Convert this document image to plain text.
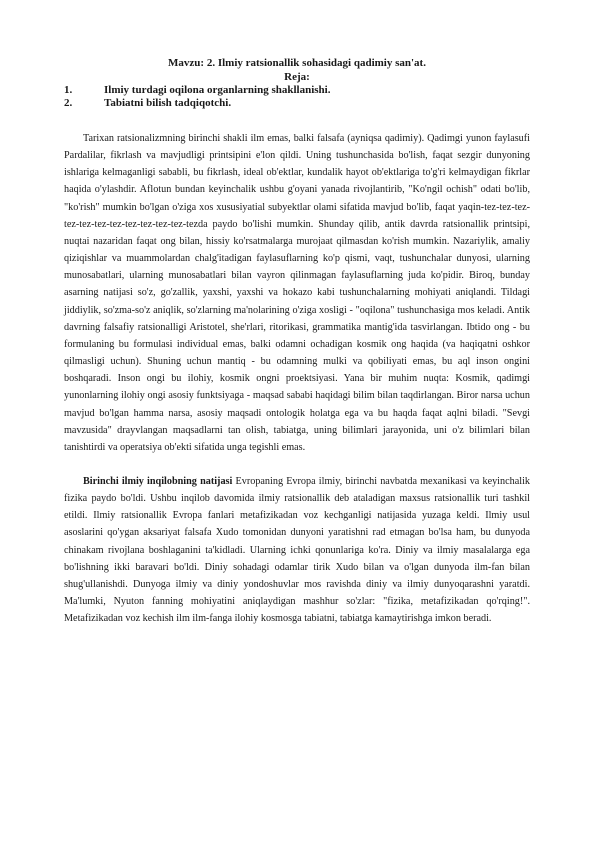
Mavzu: 2. Ilmiy ratsionallik sohasidagi qadimiy san'at.

Reja:

1.	Ilmiy turdagi oqilona organlarning shakllanishi.
2.	Tabiatni bilish tadqiqotchi.

Tarixan ratsionalizmning birinchi shakli ilm emas, balki falsafa (ayniqsa qadimiy). Qadimgi yunon faylasufi Pardalilar, fikrlash va mavjudligi printsipini e'lon qildi. Uning tushunchasida bo'lish, faqat sezgir dunyoning ishlariga kelmaganligi sababli, bu fikrlash, ideal ob'ektlar, kundalik hayot ob'ektlariga to'g'ri kelmaydigan fikrlar haqida o'ylashdir. Aflotun bundan keyinchalik ushbu g'oyani yanada rivojlantirib, "Ko'ngil ochish" odati bo'lib, "ko'rish" mumkin bo'lgan o'ziga xos xususiyatial subyektlar olami sifatida mavjud bo'lib, faqat yaqin-tez-tez-tez-tez-tez-tez-tez-tez-tez-tez-tez-tezda paydo bo'lishi mumkin. Shunday qilib, antik davrda ratsionallik printsipi, nuqtai nazaridan faqat ong bilan, hissiy ko'rsatmalarga murojaat qilmasdan ko'rish mumkin. Nazariylik, amaliy qiziqishlar va muammolardan chalg'itadigan faylasuflarning ko'p qismi, vaqt, tushunchalar dunyosi, ularning munosabatlari, ularning munosabatlari bilan vayron qilinmagan faylasuflarning juda ko'pidir. Biroq, bunday asarning natijasi so'z, go'zallik, yaxshi, yaxshi va hokazo kabi tushunchalarning mohiyati aniqlandi. Tildagi jiddiylik, so'zma-so'z aniqlik, so'zlarning ma'nolarining o'ziga xosligi - "oqilona" tushunchasiga mos keladi. Antik davrning falsafiy ratsionalligi Aristotel, she'rlari, ritorikasi, grammatika mantig'ida tasvirlangan. Ibtido ong - bu formulaning bu formulasi individual emas, balki odamni ochadigan kosmik ong haqida (va haqiqatni oshkor qilmasligi uchun). Shuning uchun mantiq - bu odamning mulki va qobiliyati emas, bu aql inson ongini boshqaradi. Inson ongi bu ilohiy, kosmik ongni proektsiyasi. Yana bir muhim nuqta: Kosmik, qadimgi yunonlarning ilohiy ongi asosiy funktsiyaga - maqsad sababi haqidagi bilim bilan taqdirlangan. Biror narsa uchun mavjud bo'lgan hamma narsa, asosiy maqsadi ontologik holatga ega va bu haqda faqat aqlni biladi. "Sevgi mavzusida" drayvlangan maqsadlarni tan olish, tabiatga, uning bilimlari jarayonida, uni o'z bilimlari bilan tanishtirdi va operatsiya ob'ekti sifatida unga tegishli emas.

Birinchi ilmiy inqilobning natijasi Evropaning Evropa ilmiy, birinchi navbatda mexanikasi va keyinchalik fizika paydo bo'ldi. Ushbu inqilob davomida ilmiy ratsionallik deb ataladigan maxsus ratsionallik turi tashkil etildi. Ilmiy ratsionallik Evropa fanlari metafizikadan voz kechganligi natijasida yuzaga keldi. Ilmiy usul asoslarini qo'ygan aksariyat falsafa Xudo tomonidan dunyoni yaratishni rad etmagan bo'lsa ham, bu dunyoda chinakam rivojlana boshlaganini ta'kidladi. Ularning ichki qonunlariga ko'ra. Diniy va ilmiy masalalarga ega bo'lishning ikki baravari bo'ldi. Diniy sohadagi odamlar tirik Xudo bilan va o'lgan dunyoda ilm-fan bilan shug'ullanishdi. Dunyoga ilmiy va diniy yondoshuvlar mos ravishda diniy va ilmiy dunyoqarashni yaratdi. Ma'lumki, Nyuton fanning mohiyatini aniqlaydigan mashhur so'zlar: "fizika, metafizikadan qo'rqing!". Metafizikadan voz kechish ilm ilm-fanga ilohiy kosmosga tabiatni, tabiatga kamaytirishga imkon beradi.
